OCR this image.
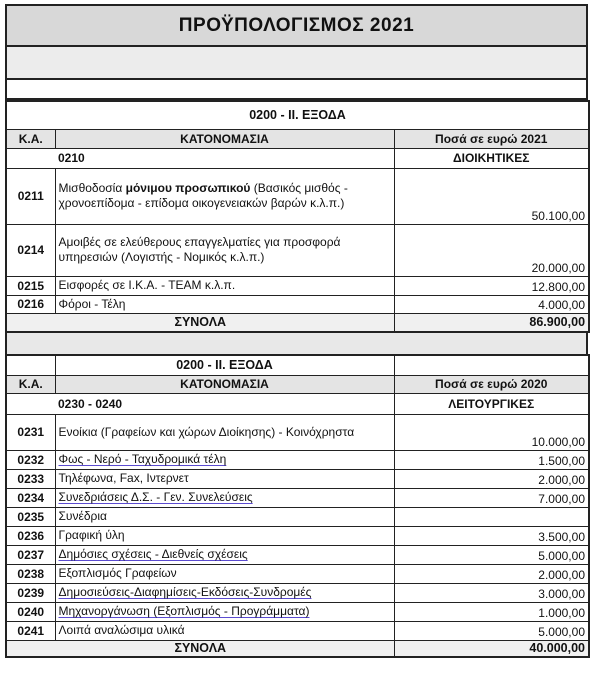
ΠΡΟΫΠΟΛΟΓΙΣΜΟΣ 2021
0200 - ΙΙ. ΕΞΟΔΑ		
Κ.Α.	ΚΑΤΟΝΟΜΑΣΙΑ	Ποσά σε ευρώ 2021
	0210	ΔΙΟΙΚΗΤΙΚΕΣ
0211	Μισθοδοσία μόνιμου προσωπικού (Βασικός μισθός - χρονοεπίδομα - επίδομα οικογενειακών βαρών κ.λ.π.)	50.100,00
0214	Αμοιβές σε ελεύθερους επαγγελματίες για προσφορά υπηρεσιών (Λογιστής - Νομικός κ.λ.π.)	20.000,00
0215	Εισφορές σε Ι.Κ.Α. - ΤΕΑΜ κ.λ.π.	12.800,00
0216	Φόροι - Τέλη	4.000,00
ΣΥΝΟΛΑ		86.900,00
	0200 - ΙΙ. ΕΞΟΔΑ	
Κ.Α.	ΚΑΤΟΝΟΜΑΣΙΑ	Ποσά σε ευρώ 2020
	0230 - 0240	ΛΕΙΤΟΥΡΓΙΚΕΣ
0231	Ενοίκια (Γραφείων και χώρων Διοίκησης) - Κοινόχρηστα	10.000,00
0232	Φως - Νερό - Ταχυδρομικά τέλη	1.500,00
0233	Τηλέφωνα, Fax, Ιντερνετ	2.000,00
0234	Συνεδριάσεις Δ.Σ. - Γεν. Συνελεύσεις	7.000,00
0235	Συνέδρια	
0236	Γραφική ύλη	3.500,00
0237	Δημόσιες σχέσεις - Διεθνείς σχέσεις	5.000,00
0238	Εξοπλισμός Γραφείων	2.000,00
0239	Δημοσιεύσεις-Διαφημίσεις-Εκδόσεις-Συνδρομές	3.000,00
0240	Μηχανοργάνωση (Εξοπλισμός - Προγράμματα)	1.000,00
0241	Λοιπά αναλώσιμα υλικά	5.000,00
ΣΥΝΟΛΑ		40.000,00
